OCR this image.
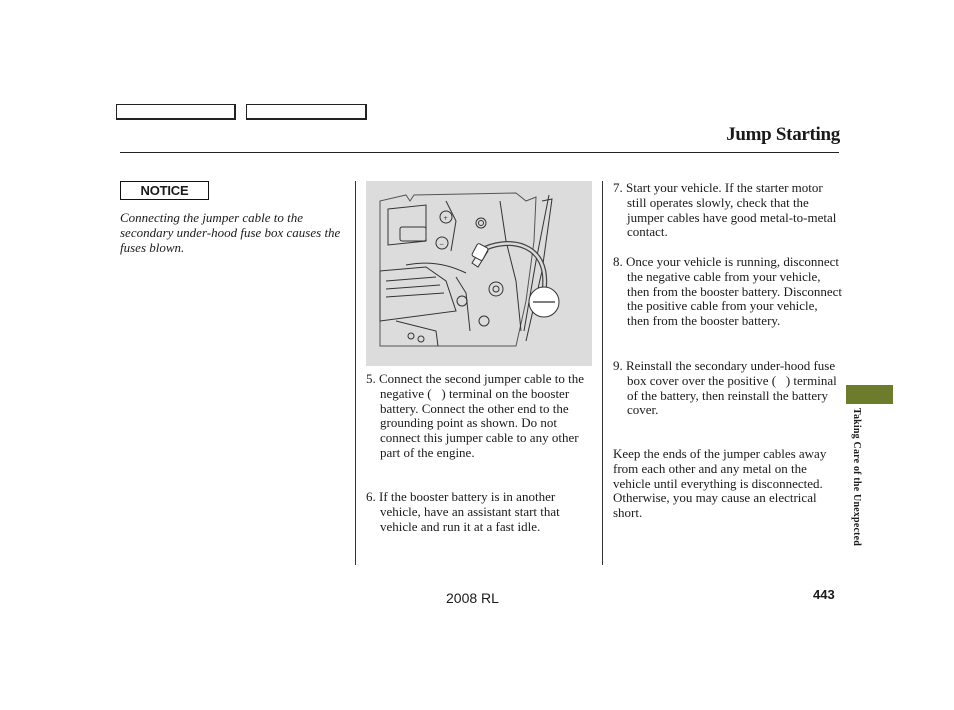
Jump Starting
NOTICE
Connecting the jumper cable to the secondary under-hood fuse box causes the fuses blown.
+
−
5. Connect the second jumper cable to the negative (   ) terminal on the booster battery. Connect the other end to the grounding point as shown. Do not connect this jumper cable to any other part of the engine.
6. If the booster battery is in another vehicle, have an assistant start that vehicle and run it at a fast idle.
7. Start your vehicle. If the starter motor still operates slowly, check that the jumper cables have good metal-to-metal contact.
8. Once your vehicle is running, disconnect the negative cable from your vehicle, then from the booster battery. Disconnect the positive cable from your vehicle, then from the booster battery.
9. Reinstall the secondary under-hood fuse box cover over the positive (   ) terminal of the battery, then reinstall the battery cover.
Keep the ends of the jumper cables away from each other and any metal on the vehicle until everything is disconnected. Otherwise, you may cause an electrical short.	Taking Care of the Unexpected
2008 RL	443
